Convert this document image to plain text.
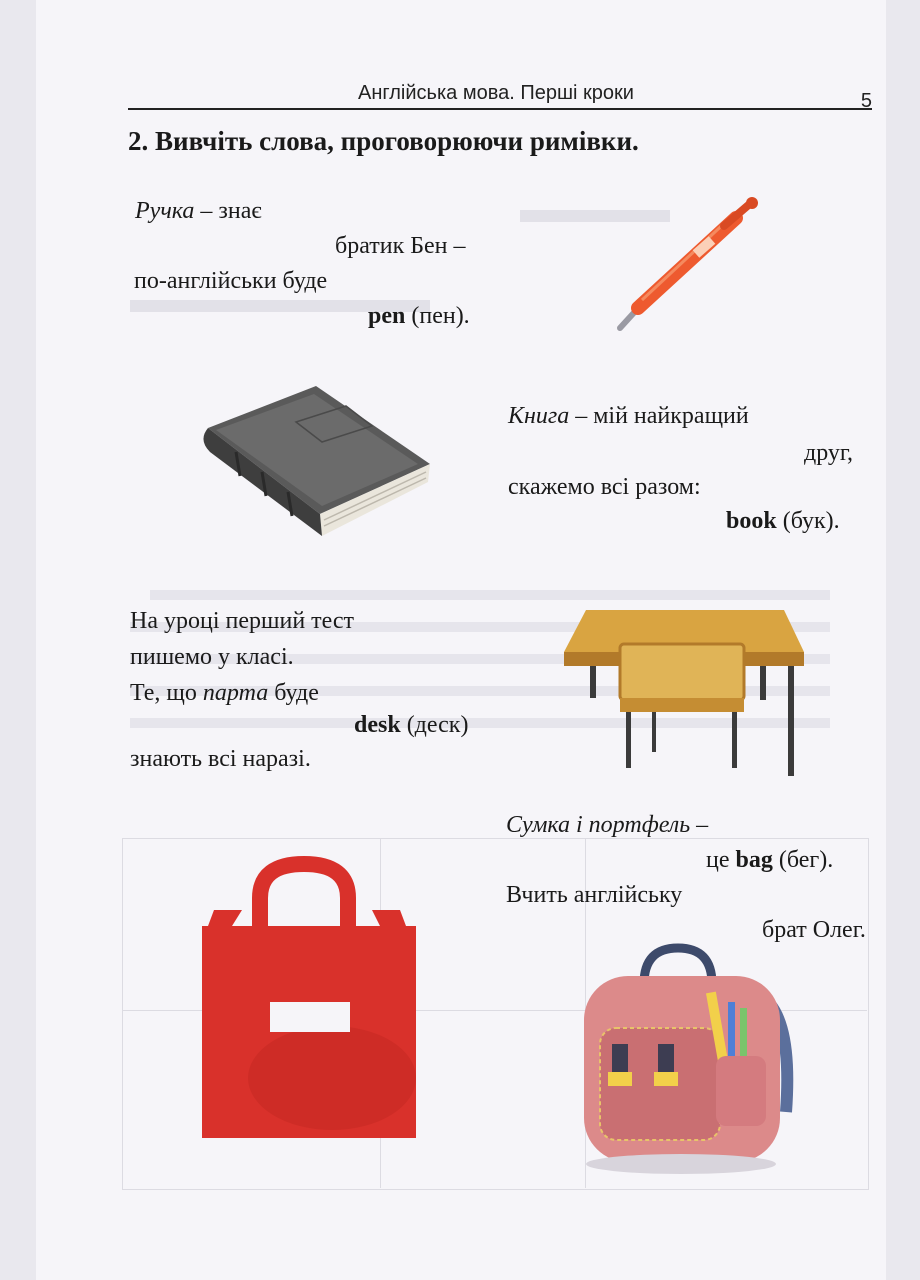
Англійська мова. Перші кроки	5
2. Вивчіть слова, проговорюючи римівки.
Ручка – знає
братик Бен –
по-англійськи буде
pen (пен).
Книга – мій найкращий
друг,
скажемо всі разом:
book (бук).
На уроці перший тест
пишемо у класі.
Те, що парта буде
desk (деск)
знають всі наразі.
Сумка і портфель –
це bag (бег).
Вчить англійську
брат Олег.
